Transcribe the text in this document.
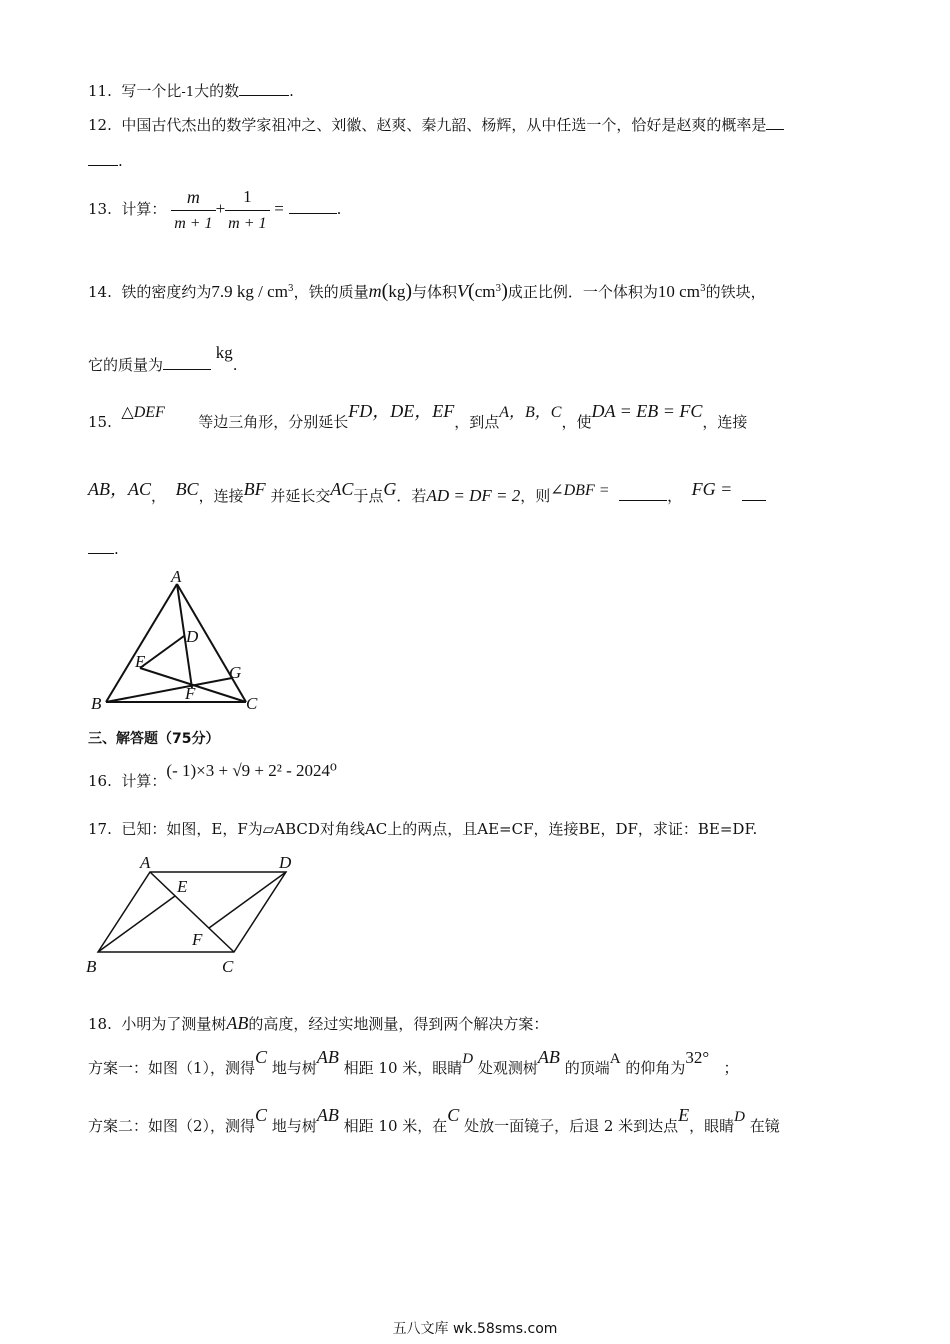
11. 写一个比-1大的数	.
12. 中国古代杰出的数学家祖冲之、刘徽、赵爽、秦九韶、杨辉，从中任选一个，恰好是赵爽的概率是
.
13. 计算： $\frac{m}{m + 1} + \frac{1}{m + 1}$ =	.
14. 铁的密度约为7.9 kg / $cm^3$，铁的质量m(kg)与体积$V(cm^3)$成正比例．一个体积为10 $cm^3$的铁块，
它的质量为 kg.
15.  △DEF       等边三角形，分别延长FD，DE，EF，到点A，B，C，使DA = EB = FC，连接
AB，AC， BC，连接BF 并延长交AC于点G．若AD = DF = 2，则∠DBF =	， FG =
.
A
D
E
G
F
B	C
三、解答题（75分）
16. 计算：(- 1)×3 + √9 + 2² - 2024⁰
17. 已知：如图，E，F为▱ABCD对角线AC上的两点，且AE=CF，连接BE，DF，求证：BE=DF.
A	D
E
F
B	C
18. 小明为了测量树AB的高度，经过实地测量，得到两个解决方案：
方案一：如图（1），测得C 地与树AB 相距 10 米，眼睛D 处观测树AB 的顶端A 的仰角为32°   ；
方案二：如图（2），测得C 地与树AB 相距 10 米，在C 处放一面镜子，后退 2 米到达点E，眼睛D 在镜
五八文库 wk.58sms.com
